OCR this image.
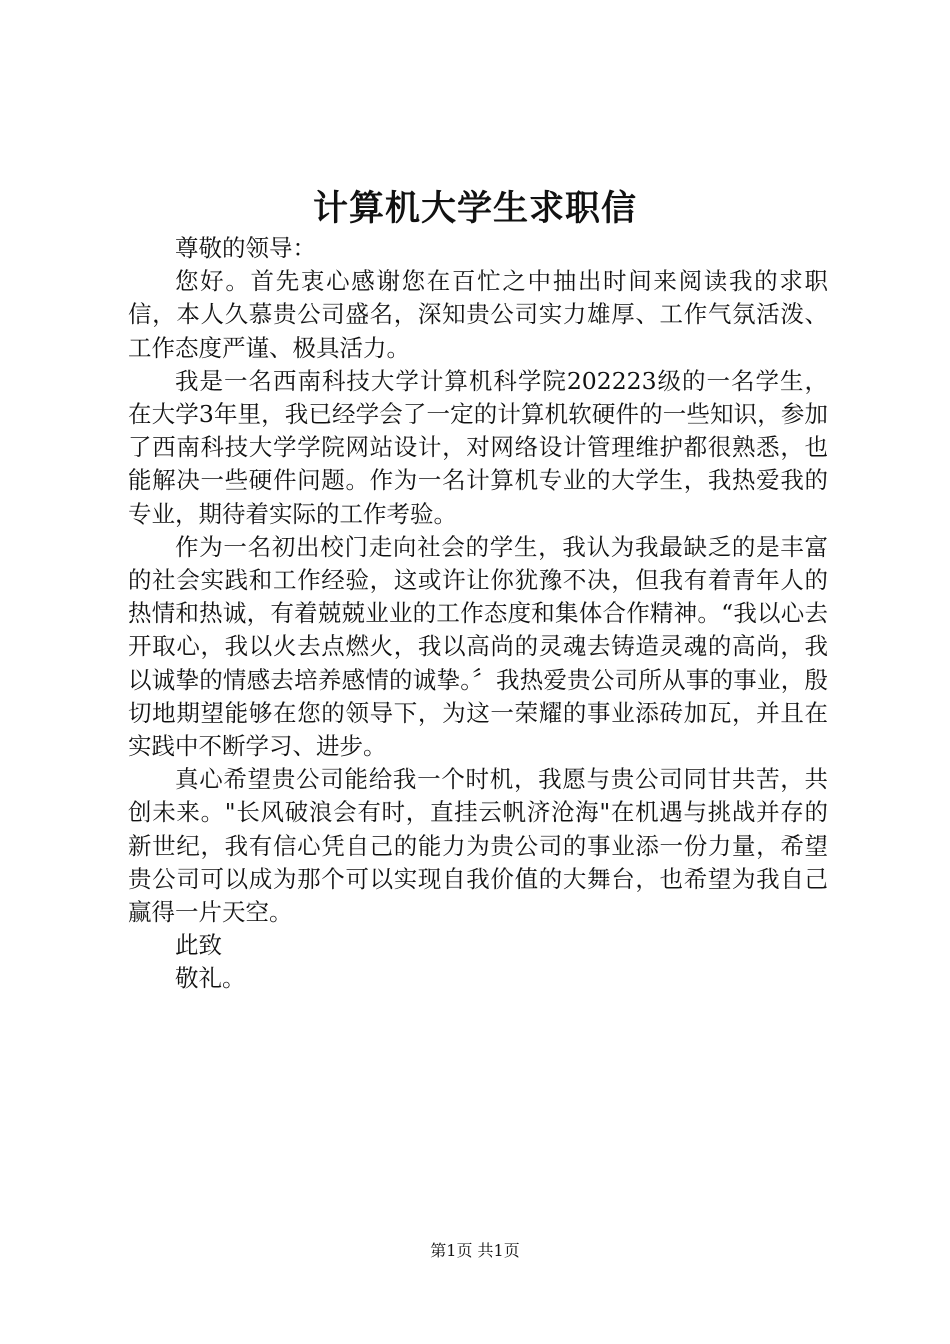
计算机大学生求职信

尊敬的领导：

您好。首先衷心感谢您在百忙之中抽出时间来阅读我的求职信，本人久慕贵公司盛名，深知贵公司实力雄厚、工作气氛活泼、工作态度严谨、极具活力。

我是一名西南科技大学计算机科学院202223级的一名学生，在大学3年里，我已经学会了一定的计算机软硬件的一些知识，参加了西南科技大学学院网站设计，对网络设计管理维护都很熟悉，也能解决一些硬件问题。作为一名计算机专业的大学生，我热爱我的专业，期待着实际的工作考验。

作为一名初出校门走向社会的学生，我认为我最缺乏的是丰富的社会实践和工作经验，这或许让你犹豫不决，但我有着青年人的热情和热诚，有着兢兢业业的工作态度和集体合作精神。“我以心去开取心，我以火去点燃火，我以高尚的灵魂去铸造灵魂的高尚，我以诚挚的情感去培养感情的诚挚。〞我热爱贵公司所从事的事业，殷切地期望能够在您的领导下，为这一荣耀的事业添砖加瓦，并且在实践中不断学习、进步。

真心希望贵公司能给我一个时机，我愿与贵公司同甘共苦，共创未来。"长风破浪会有时，直挂云帆济沧海"在机遇与挑战并存的新世纪，我有信心凭自己的能力为贵公司的事业添一份力量，希望贵公司可以成为那个可以实现自我价值的大舞台，也希望为我自己赢得一片天空。

此致

敬礼。

第1页 共1页
